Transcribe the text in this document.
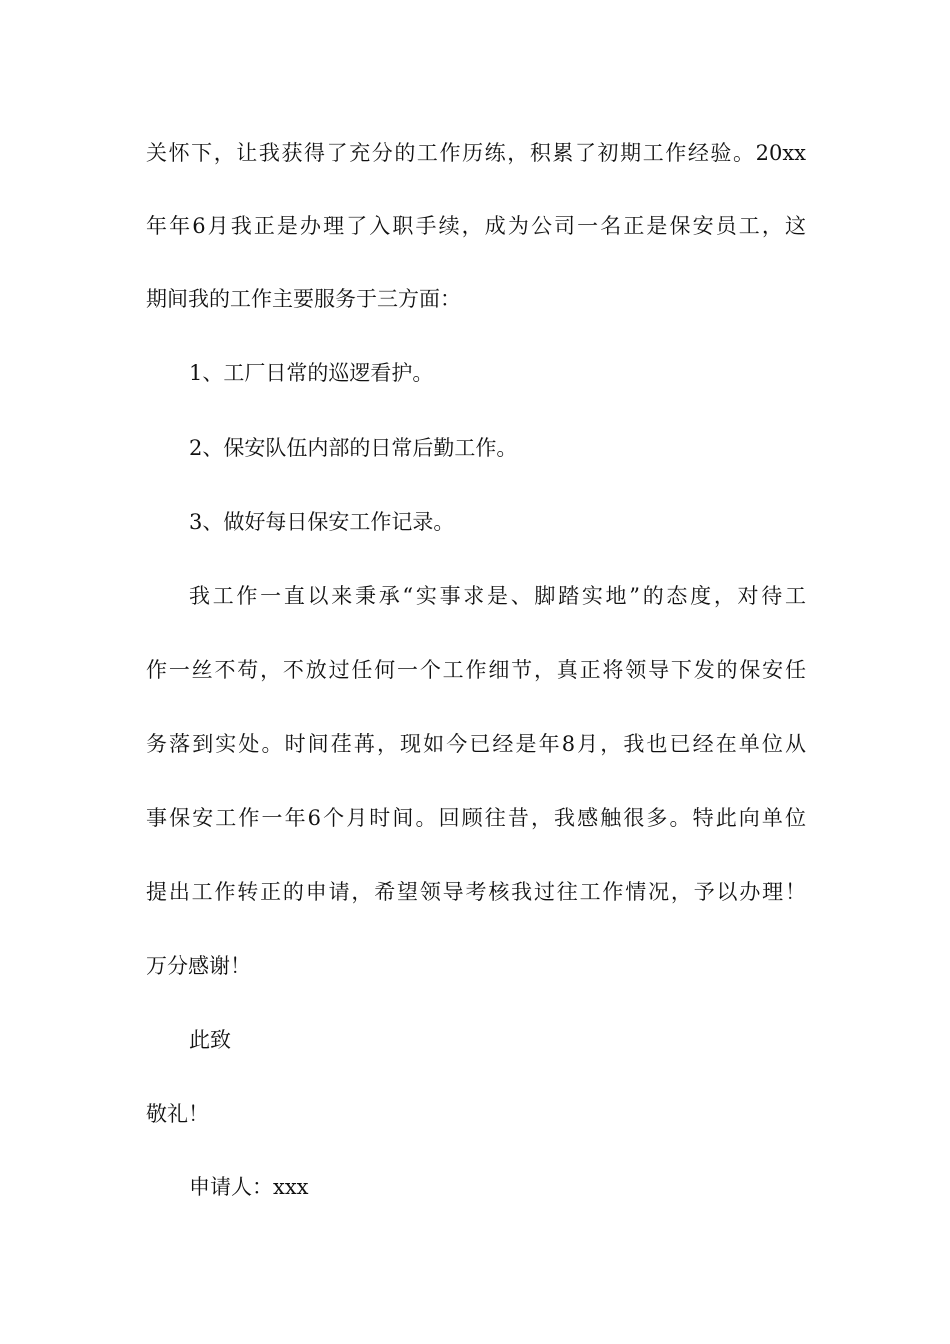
关怀下，让我获得了充分的工作历练，积累了初期工作经验。20xx
年年6月我正是办理了入职手续，成为公司一名正是保安员工，这
期间我的工作主要服务于三方面：
1、工厂日常的巡逻看护。
2、保安队伍内部的日常后勤工作。
3、做好每日保安工作记录。
我工作一直以来秉承“实事求是、脚踏实地”的态度，对待工
作一丝不苟，不放过任何一个工作细节，真正将领导下发的保安任
务落到实处。时间荏苒，现如今已经是年8月，我也已经在单位从
事保安工作一年6个月时间。回顾往昔，我感触很多。特此向单位
提出工作转正的申请，希望领导考核我过往工作情况，予以办理！
万分感谢！
此致
敬礼！
申请人：xxx
